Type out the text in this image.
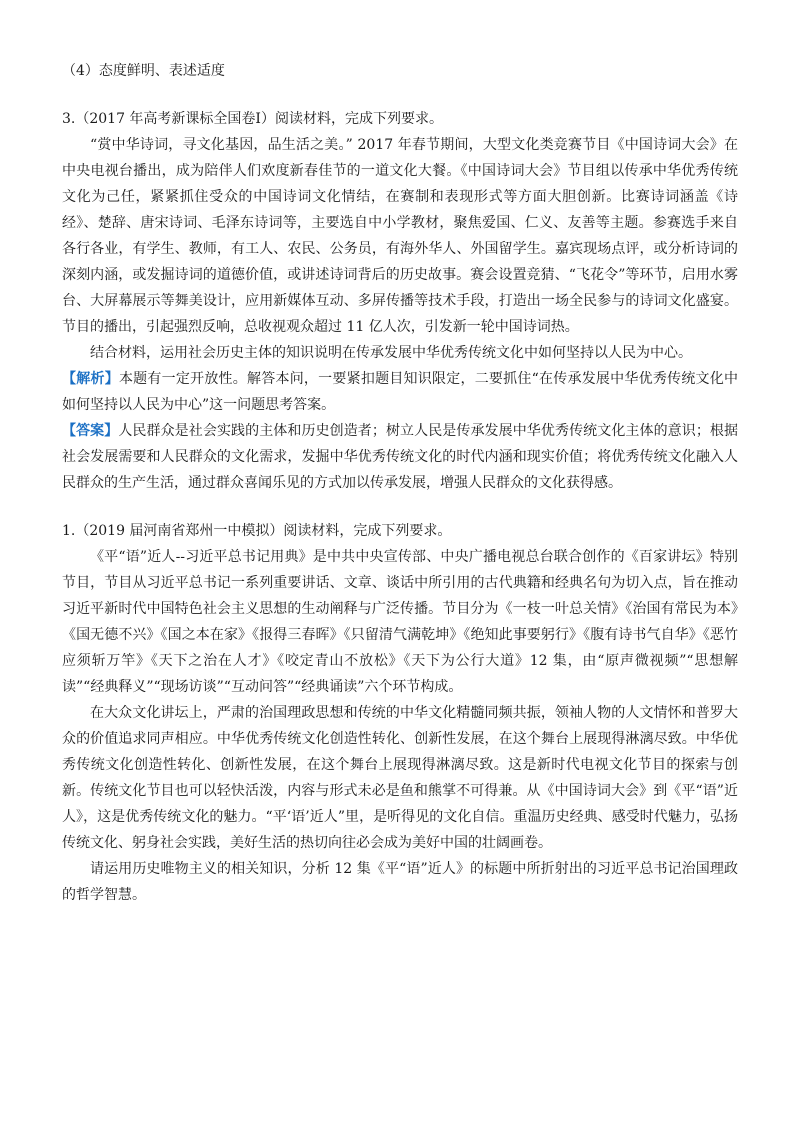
（4）态度鲜明、表述适度

3.（2017 年高考新课标全国卷Ⅰ）阅读材料，完成下列要求。

“赏中华诗词，寻文化基因，品生活之美。” 2017 年春节期间，大型文化类竞赛节目《中国诗词大会》在中央电视台播出，成为陪伴人们欢度新春佳节的一道文化大餐。《中国诗词大会》节目组以传承中华优秀传统文化为己任，紧紧抓住受众的中国诗词文化情结，在赛制和表现形式等方面大胆创新。比赛诗词涵盖《诗经》、楚辞、唐宋诗词、毛泽东诗词等，主要选自中小学教材，聚焦爱国、仁义、友善等主题。参赛选手来自各行各业，有学生、教师，有工人、农民、公务员，有海外华人、外国留学生。嘉宾现场点评，或分析诗词的深刻内涵，或发掘诗词的道德价值，或讲述诗词背后的历史故事。赛会设置竞猜、“飞花令”等环节，启用水雾台、大屏幕展示等舞美设计，应用新媒体互动、多屏传播等技术手段，打造出一场全民参与的诗词文化盛宴。节目的播出，引起强烈反响，总收视观众超过 11 亿人次，引发新一轮中国诗词热。

结合材料，运用社会历史主体的知识说明在传承发展中华优秀传统文化中如何坚持以人民为中心。

【解析】本题有一定开放性。解答本问，一要紧扣题目知识限定，二要抓住“在传承发展中华优秀传统文化中如何坚持以人民为中心”这一问题思考答案。

【答案】人民群众是社会实践的主体和历史创造者；树立人民是传承发展中华优秀传统文化主体的意识；根据社会发展需要和人民群众的文化需求，发掘中华优秀传统文化的时代内涵和现实价值；将优秀传统文化融入人民群众的生产生活，通过群众喜闻乐见的方式加以传承发展，增强人民群众的文化获得感。

1.（2019 届河南省郑州一中模拟）阅读材料，完成下列要求。

《平“语”近人--习近平总书记用典》是中共中央宣传部、中央广播电视总台联合创作的《百家讲坛》特别节目，节目从习近平总书记一系列重要讲话、文章、谈话中所引用的古代典籍和经典名句为切入点，旨在推动习近平新时代中国特色社会主义思想的生动阐释与广泛传播。节目分为《一枝一叶总关情》《治国有常民为本》《国无德不兴》《国之本在家》《报得三春晖》《只留清气满乾坤》《绝知此事要躬行》《腹有诗书气自华》《恶竹应须斩万竿》《天下之治在人才》《咬定青山不放松》《天下为公行大道》12 集，由“原声微视频”“思想解读”“经典释义”“现场访谈”“互动问答”“经典诵读”六个环节构成。

在大众文化讲坛上，严肃的治国理政思想和传统的中华文化精髓同频共振，领袖人物的人文情怀和普罗大众的价值追求同声相应。中华优秀传统文化创造性转化、创新性发展，在这个舞台上展现得淋漓尽致。中华优秀传统文化创造性转化、创新性发展，在这个舞台上展现得淋漓尽致。这是新时代电视文化节目的探索与创新。传统文化节目也可以轻快活泼，内容与形式未必是鱼和熊掌不可得兼。从《中国诗词大会》到《平“语”近人》，这是优秀传统文化的魅力。“平‘语’近人”里，是听得见的文化自信。重温历史经典、感受时代魅力，弘扬传统文化、躬身社会实践，美好生活的热切向往必会成为美好中国的壮阔画卷。

请运用历史唯物主义的相关知识，分析 12 集《平“语”近人》的标题中所折射出的习近平总书记治国理政的哲学智慧。
